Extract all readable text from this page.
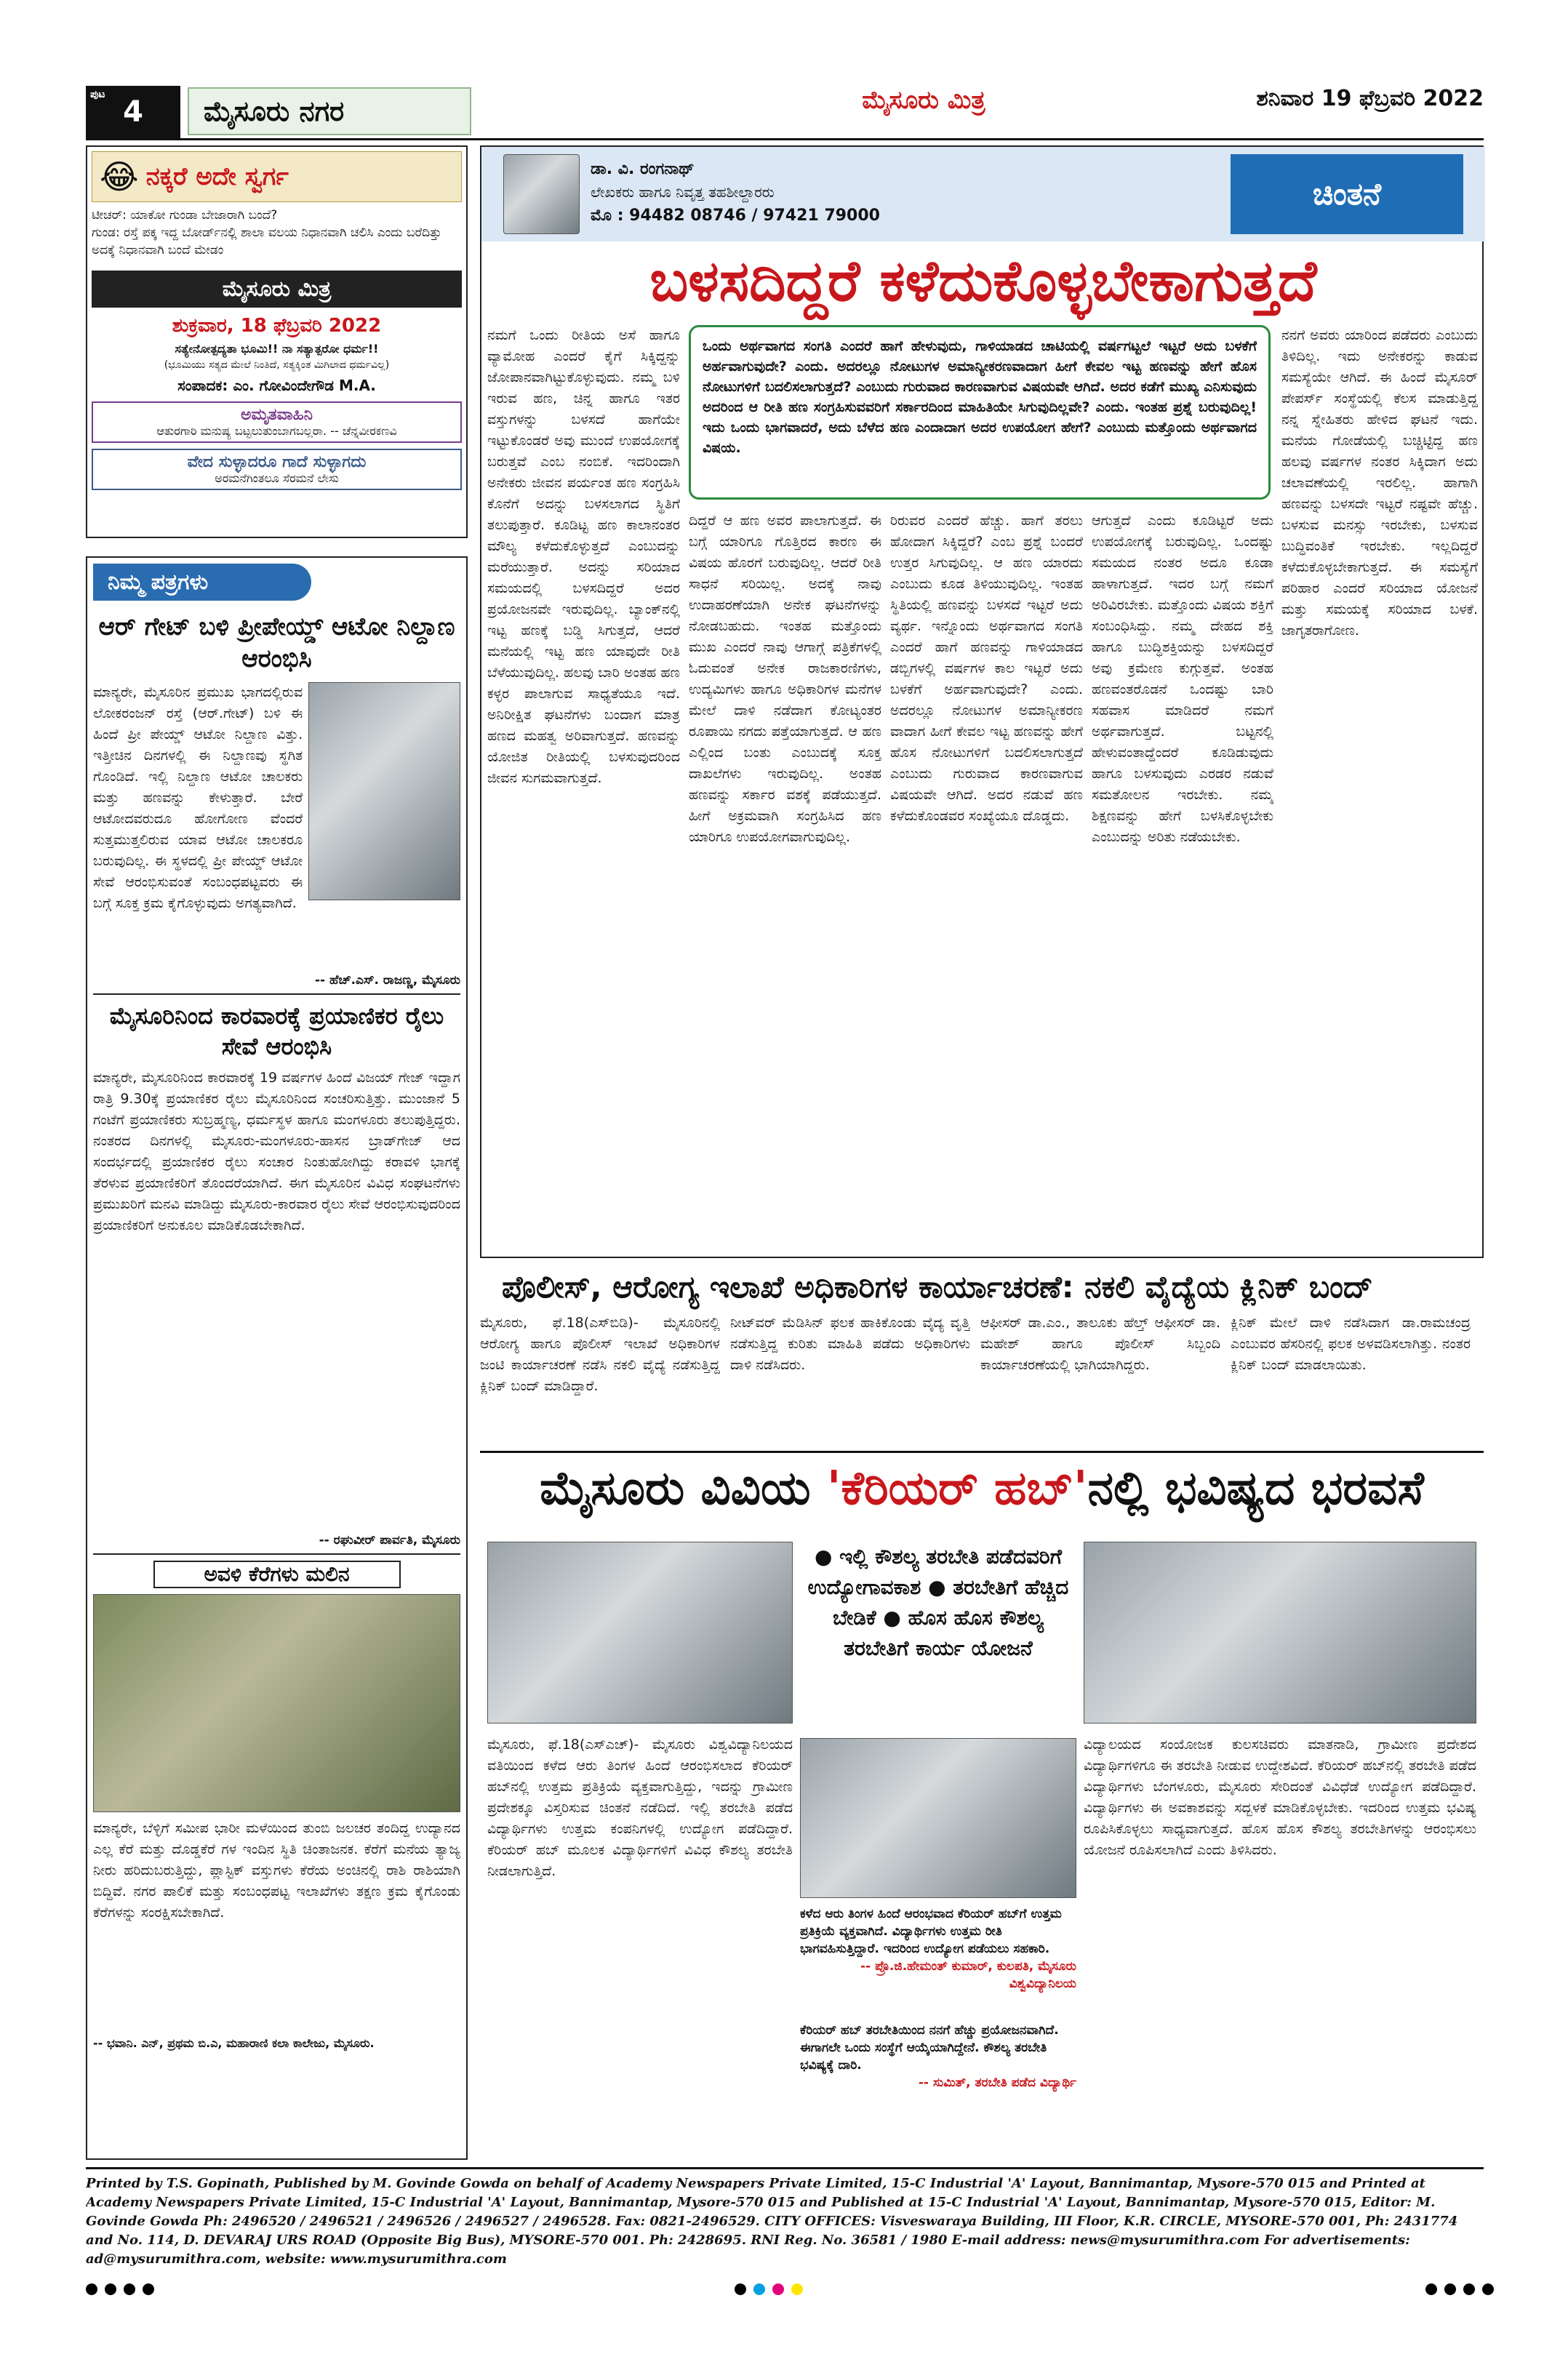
ಪುಟ
4	ಮೈಸೂರು ನಗರ	ಮೈಸೂರು ಮಿತ್ರ	ಶನಿವಾರ 19 ಫೆಬ್ರವರಿ 2022
😂 ನಕ್ಕರೆ ಅದೇ ಸ್ವರ್ಗ
ಟೀಚರ್: ಯಾಕೋ ಗುಂಡಾ ಬೇಜಾರಾಗಿ ಬಂದೆ?
ಗುಂಡ: ರಸ್ತೆ ಪಕ್ಕ ಇದ್ದ ಬೋರ್ಡ್‌ನಲ್ಲಿ ಶಾಲಾ ವಲಯ ನಿಧಾನವಾಗಿ ಚಲಿಸಿ ಎಂದು ಬರೆದಿತ್ತು ಅದಕ್ಕೆ ನಿಧಾನವಾಗಿ ಬಂದೆ ಮೇಡಂ
ಮೈಸೂರು ಮಿತ್ರ
ಶುಕ್ರವಾರ, 18 ಫೆಬ್ರವರಿ 2022
ಸತ್ಯೇನೋತ್ಪದ್ಯತಾ ಭೂಮಿ!! ನಾ ಸತ್ಯಾತ್ಪರೋ ಧರ್ಮ!!
(ಭೂಮಿಯು ಸತ್ಯದ ಮೇಲೆ ನಿಂತಿದೆ, ಸತ್ಯಕ್ಕಿಂತ ಮಿಗಿಲಾದ ಧರ್ಮವಿಲ್ಲ)
ಸಂಪಾದಕ: ಎಂ. ಗೋವಿಂದೇಗೌಡ M.A.
ಅಮೃತವಾಹಿನಿ
ಆತುರಗಾರಿ ಮನುಷ್ಯ ಬಟ್ಟಲುತುಂಬಾಗಬಲ್ಲರಾ. -- ಚೆನ್ನವೀರಕಣವಿ
ವೇದ ಸುಳ್ಳಾದರೂ ಗಾದೆ ಸುಳ್ಳಾಗದು
ಅರಮನೆಗಿಂತಲೂ ಸೆರಮನೆ ಲೇಸು
ನಿಮ್ಮ ಪತ್ರಗಳು
ಆರ್ ಗೇಟ್ ಬಳಿ ಪ್ರೀಪೇಯ್ಡ್ ಆಟೋ ನಿಲ್ದಾಣ ಆರಂಭಿಸಿ
ಮಾನ್ಯರೇ, ಮೈಸೂರಿನ ಪ್ರಮುಖ ಭಾಗದಲ್ಲಿರುವ ಲೋಕರಂಜನ್ ರಸ್ತೆ (ಆರ್.ಗೇಟ್) ಬಳಿ ಈ ಹಿಂದೆ ಪ್ರೀ ಪೇಯ್ಡ್ ಆಟೋ ನಿಲ್ದಾಣ ವಿತ್ತು. ಇತ್ತೀಚಿನ ದಿನಗಳಲ್ಲಿ ಈ ನಿಲ್ದಾಣವು ಸ್ಥಗಿತ ಗೊಂಡಿದೆ. ಇಲ್ಲಿ ನಿಲ್ದಾಣ ಆಟೋ ಚಾಲಕರು ಮತ್ತು ಹಣವನ್ನು ಕೇಳುತ್ತಾರೆ. ಬೇರೆ ಆಟೋದವರುದೂ ಹೋಗೋಣ ವೆಂದರೆ ಸುತ್ತಮುತ್ತಲಿರುವ ಯಾವ ಆಟೋ ಚಾಲಕರೂ ಬರುವುದಿಲ್ಲ. ಈ ಸ್ಥಳದಲ್ಲಿ ಪ್ರೀ ಪೇಯ್ಡ್ ಆಟೋ ಸೇವೆ ಆರಂಭಿಸುವಂತೆ ಸಂಬಂಧಪಟ್ಟವರು ಈ ಬಗ್ಗೆ ಸೂಕ್ತ ಕ್ರಮ ಕೈಗೊಳ್ಳುವುದು ಅಗತ್ಯವಾಗಿದೆ.
-- ಹೆಚ್.ಎಸ್. ರಾಜಣ್ಣ, ಮೈಸೂರು
ಮೈಸೂರಿನಿಂದ ಕಾರವಾರಕ್ಕೆ ಪ್ರಯಾಣಿಕರ ರೈಲು ಸೇವೆ ಆರಂಭಿಸಿ
ಮಾನ್ಯರೇ, ಮೈಸೂರಿನಿಂದ ಕಾರವಾರಕ್ಕೆ 19 ವರ್ಷಗಳ ಹಿಂದೆ ವಿಜಯ್ ಗೇಜ್ ಇದ್ದಾಗ ರಾತ್ರಿ 9.30ಕ್ಕೆ ಪ್ರಯಾಣಿಕರ ರೈಲು ಮೈಸೂರಿನಿಂದ ಸಂಚರಿಸುತ್ತಿತ್ತು. ಮುಂಜಾನೆ 5 ಗಂಟೆಗೆ ಪ್ರಯಾಣಿಕರು ಸುಬ್ರಹ್ಮಣ್ಯ, ಧರ್ಮಸ್ಥಳ ಹಾಗೂ ಮಂಗಳೂರು ತಲುಪುತ್ತಿದ್ದರು. ನಂತರದ ದಿನಗಳಲ್ಲಿ ಮೈಸೂರು-ಮಂಗಳೂರು-ಹಾಸನ ಬ್ರಾಡ್‌ಗೇಜ್ ಆದ ಸಂದರ್ಭದಲ್ಲಿ ಪ್ರಯಾಣಿಕರ ರೈಲು ಸಂಚಾರ ನಿಂತುಹೋಗಿದ್ದು ಕರಾವಳಿ ಭಾಗಕ್ಕೆ ತೆರಳುವ ಪ್ರಯಾಣಿಕರಿಗೆ ತೊಂದರೆಯಾಗಿದೆ. ಈಗ ಮೈಸೂರಿನ ವಿವಿಧ ಸಂಘಟನೆಗಳು ಪ್ರಮುಖರಿಗೆ ಮನವಿ ಮಾಡಿದ್ದು ಮೈಸೂರು-ಕಾರವಾರ ರೈಲು ಸೇವೆ ಆರಂಭಿಸುವುದರಿಂದ ಪ್ರಯಾಣಿಕರಿಗೆ ಅನುಕೂಲ ಮಾಡಿಕೊಡಬೇಕಾಗಿದೆ.
-- ರಘುವೀರ್ ಪಾರ್ವತಿ, ಮೈಸೂರು
ಅವಳಿ ಕೆರೆಗಳು ಮಲಿನ
ಮಾನ್ಯರೇ, ಬೆಳ್ಳಿಗೆ ಸಮೀಪ ಭಾರೀ ಮಳೆಯಿಂದ ತುಂಬಿ ಜಲಚರ ತಂದಿದ್ದ ಉದ್ಯಾನದ ಎಲ್ಲ ಕೆರೆ ಮತ್ತು ದೊಡ್ಡಕೆರೆ ಗಳ ಇಂದಿನ ಸ್ಥಿತಿ ಚಿಂತಾಜನಕ. ಕೆರೆಗೆ ಮನೆಯ ತ್ಯಾಜ್ಯ ನೀರು ಹರಿದುಬರುತ್ತಿದ್ದು, ಪ್ಲಾಸ್ಟಿಕ್ ವಸ್ತುಗಳು ಕೆರೆಯ ಅಂಚಿನಲ್ಲಿ ರಾಶಿ ರಾಶಿಯಾಗಿ ಬಿದ್ದಿವೆ. ನಗರ ಪಾಲಿಕೆ ಮತ್ತು ಸಂಬಂಧಪಟ್ಟ ಇಲಾಖೆಗಳು ತಕ್ಷಣ ಕ್ರಮ ಕೈಗೊಂಡು ಕೆರೆಗಳನ್ನು ಸಂರಕ್ಷಿಸಬೇಕಾಗಿದೆ.
-- ಭವಾನಿ. ಎನ್, ಪ್ರಥಮ ಬಿ.ಎ, ಮಹಾರಾಣಿ ಕಲಾ ಕಾಲೇಜು, ಮೈಸೂರು.
ಡಾ. ವಿ. ರಂಗನಾಥ್
ಲೇಖಕರು ಹಾಗೂ ನಿವೃತ್ತ ತಹಶೀಲ್ದಾರರು
ಮೊ : 94482 08746 / 97421 79000
ಚಿಂತನೆ
ಬಳಸದಿದ್ದರೆ ಕಳೆದುಕೊಳ್ಳಬೇಕಾಗುತ್ತದೆ
ಒಂದು ಅರ್ಥವಾಗದ ಸಂಗತಿ ಎಂದರೆ ಹಾಗೆ ಹೇಳುವುದು, ಗಾಳಿಯಾಡದ ಚಾಟಿಯಲ್ಲಿ ವರ್ಷಗಟ್ಟಲೆ ಇಟ್ಟರೆ ಅದು ಬಳಕೆಗೆ ಅರ್ಹವಾಗುವುದೇ? ಎಂದು. ಅದರಲ್ಲೂ ನೋಟುಗಳ ಅಮಾನ್ಯೀಕರಣವಾದಾಗ ಹೀಗೆ ಕೇವಲ ಇಟ್ಟ ಹಣವನ್ನು ಹೇಗೆ ಹೊಸ ನೋಟುಗಳಿಗೆ ಬದಲಿಸಲಾಗುತ್ತದೆ? ಎಂಬುದು ಗುರುವಾದ ಕಾರಣವಾಗುವ ವಿಷಯವೇ ಆಗಿದೆ. ಅದರ ಕಡೆಗೆ ಮುಖ್ಯ ಎನಿಸುವುದು ಅದರಿಂದ ಆ ರೀತಿ ಹಣ ಸಂಗ್ರಹಿಸುವವರಿಗೆ ಸರ್ಕಾರದಿಂದ ಮಾಹಿತಿಯೇ ಸಿಗುವುದಿಲ್ಲವೇ? ಎಂದು. ಇಂತಹ ಪ್ರಶ್ನೆ ಬರುವುದಿಲ್ಲ! ಇದು ಒಂದು ಭಾಗವಾದರೆ, ಅದು ಬೆಳೆದ ಹಣ ಎಂದಾದಾಗ ಅದರ ಉಪಯೋಗ ಹೇಗೆ? ಎಂಬುದು ಮತ್ತೊಂದು ಅರ್ಥವಾಗದ ವಿಷಯ.
ನಮಗೆ ಒಂದು ರೀತಿಯ ಅಸೆ ಹಾಗೂ ವ್ಯಾಮೋಹ ಎಂದರೆ ಕೈಗೆ ಸಿಕ್ಕಿದ್ದನ್ನು ಜೋಪಾನವಾಗಿಟ್ಟುಕೊಳ್ಳುವುದು. ನಮ್ಮ ಬಳಿ ಇರುವ ಹಣ, ಚಿನ್ನ ಹಾಗೂ ಇತರ ವಸ್ತುಗಳನ್ನು ಬಳಸದೆ ಹಾಗೆಯೇ ಇಟ್ಟುಕೊಂಡರೆ ಅವು ಮುಂದೆ ಉಪಯೋಗಕ್ಕೆ ಬರುತ್ತವೆ ಎಂಬ ನಂಬಿಕೆ. ಇದರಿಂದಾಗಿ ಅನೇಕರು ಜೀವನ ಪರ್ಯಂತ ಹಣ ಸಂಗ್ರಹಿಸಿ ಕೊನೆಗೆ ಅದನ್ನು ಬಳಸಲಾಗದ ಸ್ಥಿತಿಗೆ ತಲುಪುತ್ತಾರೆ. ಕೂಡಿಟ್ಟ ಹಣ ಕಾಲಾನಂತರ ಮೌಲ್ಯ ಕಳೆದುಕೊಳ್ಳುತ್ತದೆ ಎಂಬುದನ್ನು ಮರೆಯುತ್ತಾರೆ. ಅದನ್ನು ಸರಿಯಾದ ಸಮಯದಲ್ಲಿ ಬಳಸದಿದ್ದರೆ ಅದರ ಪ್ರಯೋಜನವೇ ಇರುವುದಿಲ್ಲ. ಬ್ಯಾಂಕ್‌ನಲ್ಲಿ ಇಟ್ಟ ಹಣಕ್ಕೆ ಬಡ್ಡಿ ಸಿಗುತ್ತದೆ, ಆದರೆ ಮನೆಯಲ್ಲಿ ಇಟ್ಟ ಹಣ ಯಾವುದೇ ರೀತಿ ಬೆಳೆಯುವುದಿಲ್ಲ. ಹಲವು ಬಾರಿ ಅಂತಹ ಹಣ ಕಳ್ಳರ ಪಾಲಾಗುವ ಸಾಧ್ಯತೆಯೂ ಇದೆ. ಅನಿರೀಕ್ಷಿತ ಘಟನೆಗಳು ಬಂದಾಗ ಮಾತ್ರ ಹಣದ ಮಹತ್ವ ಅರಿವಾಗುತ್ತದೆ. ಹಣವನ್ನು ಯೋಜಿತ ರೀತಿಯಲ್ಲಿ ಬಳಸುವುದರಿಂದ ಜೀವನ ಸುಗಮವಾಗುತ್ತದೆ.
ದಿದ್ದರೆ ಆ ಹಣ ಅವರ ಪಾಲಾಗುತ್ತದೆ. ಈ ಬಗ್ಗೆ ಯಾರಿಗೂ ಗೊತ್ತಿರದ ಕಾರಣ ಈ ವಿಷಯ ಹೊರಗೆ ಬರುವುದಿಲ್ಲ. ಆದರೆ ರೀತಿ ಸಾಧನೆ ಸರಿಯಿಲ್ಲ. ಅದಕ್ಕೆ ನಾವು ಉದಾಹರಣೆಯಾಗಿ ಅನೇಕ ಘಟನೆಗಳನ್ನು ನೋಡಬಹುದು. ಇಂತಹ ಮತ್ತೊಂದು ಮುಖ ಎಂದರೆ ನಾವು ಆಗಾಗ್ಗೆ ಪತ್ರಿಕೆಗಳಲ್ಲಿ ಓದುವಂತೆ ಅನೇಕ ರಾಜಕಾರಣಿಗಳು, ಉದ್ಯಮಿಗಳು ಹಾಗೂ ಅಧಿಕಾರಿಗಳ ಮನೆಗಳ ಮೇಲೆ ದಾಳಿ ನಡೆದಾಗ ಕೋಟ್ಯಂತರ ರೂಪಾಯಿ ನಗದು ಪತ್ತೆಯಾಗುತ್ತದೆ. ಆ ಹಣ ಎಲ್ಲಿಂದ ಬಂತು ಎಂಬುದಕ್ಕೆ ಸೂಕ್ತ ದಾಖಲೆಗಳು ಇರುವುದಿಲ್ಲ. ಅಂತಹ ಹಣವನ್ನು ಸರ್ಕಾರ ವಶಕ್ಕೆ ಪಡೆಯುತ್ತದೆ. ಹೀಗೆ ಅಕ್ರಮವಾಗಿ ಸಂಗ್ರಹಿಸಿದ ಹಣ ಯಾರಿಗೂ ಉಪಯೋಗವಾಗುವುದಿಲ್ಲ.
ರಿರುವರ ಎಂದರೆ ಹೆಚ್ಚು. ಹಾಗೆ ತರಲು ಹೋದಾಗ ಸಿಕ್ಕಿದ್ದರೆ? ಎಂಬ ಪ್ರಶ್ನೆ ಬಂದರೆ ಉತ್ತರ ಸಿಗುವುದಿಲ್ಲ. ಆ ಹಣ ಯಾರದು ಎಂಬುದು ಕೂಡ ತಿಳಿಯುವುದಿಲ್ಲ. ಇಂತಹ ಸ್ಥಿತಿಯಲ್ಲಿ ಹಣವನ್ನು ಬಳಸದೆ ಇಟ್ಟರೆ ಅದು ವ್ಯರ್ಥ. ಇನ್ನೊಂದು ಅರ್ಥವಾಗದ ಸಂಗತಿ ಎಂದರೆ ಹಾಗೆ ಹಣವನ್ನು ಗಾಳಿಯಾಡದ ಡಬ್ಬಿಗಳಲ್ಲಿ ವರ್ಷಗಳ ಕಾಲ ಇಟ್ಟರೆ ಅದು ಬಳಕೆಗೆ ಅರ್ಹವಾಗುವುದೇ? ಎಂದು. ಅದರಲ್ಲೂ ನೋಟುಗಳ ಅಮಾನ್ಯೀಕರಣ ವಾದಾಗ ಹೀಗೆ ಕೇವಲ ಇಟ್ಟ ಹಣವನ್ನು ಹೇಗೆ ಹೊಸ ನೋಟುಗಳಿಗೆ ಬದಲಿಸಲಾಗುತ್ತದೆ ಎಂಬುದು ಗುರುವಾದ ಕಾರಣವಾಗುವ ವಿಷಯವೇ ಆಗಿದೆ. ಅದರ ನಡುವೆ ಹಣ ಕಳೆದುಕೊಂಡವರ ಸಂಖ್ಯೆಯೂ ದೊಡ್ಡದು.
ಆಗುತ್ತದೆ ಎಂದು ಕೂಡಿಟ್ಟರೆ ಅದು ಉಪಯೋಗಕ್ಕೆ ಬರುವುದಿಲ್ಲ. ಒಂದಷ್ಟು ಸಮಯದ ನಂತರ ಅದೂ ಕೂಡಾ ಹಾಳಾಗುತ್ತದೆ. ಇದರ ಬಗ್ಗೆ ನಮಗೆ ಅರಿವಿರಬೇಕು. ಮತ್ತೊಂದು ವಿಷಯ ಶಕ್ತಿಗೆ ಸಂಬಂಧಿಸಿದ್ದು. ನಮ್ಮ ದೇಹದ ಶಕ್ತಿ ಹಾಗೂ ಬುದ್ಧಿಶಕ್ತಿಯನ್ನು ಬಳಸದಿದ್ದರೆ ಅವು ಕ್ರಮೇಣ ಕುಗ್ಗುತ್ತವೆ. ಅಂತಹ ಹಣವಂತರೊಡನೆ ಒಂದಷ್ಟು ಬಾರಿ ಸಹವಾಸ ಮಾಡಿದರೆ ನಮಗೆ ಅರ್ಥವಾಗುತ್ತದೆ. ಬಟ್ಟನಲ್ಲಿ ಹೇಳುವಂತಾದ್ದೆಂದರೆ ಕೂಡಿಡುವುದು ಹಾಗೂ ಬಳಸುವುದು ಎರಡರ ನಡುವೆ ಸಮತೋಲನ ಇರಬೇಕು. ನಮ್ಮ ಶಿಕ್ಷಣವನ್ನು ಹೇಗೆ ಬಳಸಿಕೊಳ್ಳಬೇಕು ಎಂಬುದನ್ನು ಅರಿತು ನಡೆಯಬೇಕು.
ನನಗೆ ಅವರು ಯಾರಿಂದ ಪಡೆದರು ಎಂಬುದು ತಿಳಿದಿಲ್ಲ. ಇದು ಅನೇಕರನ್ನು ಕಾಡುವ ಸಮಸ್ಯೆಯೇ ಆಗಿದೆ. ಈ ಹಿಂದೆ ಮೈಸೂರ್ ಪೇಪರ್ಸ್ ಸಂಸ್ಥೆಯಲ್ಲಿ ಕೆಲಸ ಮಾಡುತ್ತಿದ್ದ ನನ್ನ ಸ್ನೇಹಿತರು ಹೇಳಿದ ಘಟನೆ ಇದು. ಮನೆಯ ಗೋಡೆಯಲ್ಲಿ ಬಚ್ಚಿಟ್ಟಿದ್ದ ಹಣ ಹಲವು ವರ್ಷಗಳ ನಂತರ ಸಿಕ್ಕಿದಾಗ ಅದು ಚಲಾವಣೆಯಲ್ಲಿ ಇರಲಿಲ್ಲ. ಹಾಗಾಗಿ ಹಣವನ್ನು ಬಳಸದೇ ಇಟ್ಟರೆ ನಷ್ಟವೇ ಹೆಚ್ಚು. ಬಳಸುವ ಮನಸ್ಸು ಇರಬೇಕು, ಬಳಸುವ ಬುದ್ಧಿವಂತಿಕೆ ಇರಬೇಕು. ಇಲ್ಲದಿದ್ದರೆ ಕಳೆದುಕೊಳ್ಳಬೇಕಾಗುತ್ತದೆ. ಈ ಸಮಸ್ಯೆಗೆ ಪರಿಹಾರ ಎಂದರೆ ಸರಿಯಾದ ಯೋಜನೆ ಮತ್ತು ಸಮಯಕ್ಕೆ ಸರಿಯಾದ ಬಳಕೆ. ಜಾಗೃತರಾಗೋಣ.
ಪೊಲೀಸ್, ಆರೋಗ್ಯ ಇಲಾಖೆ ಅಧಿಕಾರಿಗಳ ಕಾರ್ಯಾಚರಣೆ: ನಕಲಿ ವೈದ್ಯೆಯ ಕ್ಲಿನಿಕ್ ಬಂದ್
ಮೈಸೂರು, ಫೆ.18(ಎಸ್‌ಬಿಡಿ)- ಮೈಸೂರಿನಲ್ಲಿ ಆರೋಗ್ಯ ಹಾಗೂ ಪೊಲೀಸ್ ಇಲಾಖೆ ಅಧಿಕಾರಿಗಳ ಜಂಟಿ ಕಾರ್ಯಾಚರಣೆ ನಡೆಸಿ ನಕಲಿ ವೈದ್ಯೆ ನಡೆಸುತ್ತಿದ್ದ ಕ್ಲಿನಿಕ್ ಬಂದ್ ಮಾಡಿದ್ದಾರೆ.
ನೀಟ್‌ವರ್ ಮೆಡಿಸಿನ್ ಫಲಕ ಹಾಕಿಕೊಂಡು ವೈದ್ಯ ವೃತ್ತಿ ನಡೆಸುತ್ತಿದ್ದ ಕುರಿತು ಮಾಹಿತಿ ಪಡೆದು ಅಧಿಕಾರಿಗಳು ದಾಳಿ ನಡೆಸಿದರು.
ಆಫೀಸರ್ ಡಾ.ಎಂ., ತಾಲೂಕು ಹೆಲ್ತ್ ಆಫೀಸರ್ ಡಾ. ಮಹೇಶ್ ಹಾಗೂ ಪೊಲೀಸ್ ಸಿಬ್ಬಂದಿ ಕಾರ್ಯಾಚರಣೆಯಲ್ಲಿ ಭಾಗಿಯಾಗಿದ್ದರು.
ಕ್ಲಿನಿಕ್ ಮೇಲೆ ದಾಳಿ ನಡೆಸಿದಾಗ ಡಾ.ರಾಮಚಂದ್ರ ಎಂಬುವರ ಹೆಸರಿನಲ್ಲಿ ಫಲಕ ಅಳವಡಿಸಲಾಗಿತ್ತು. ನಂತರ ಕ್ಲಿನಿಕ್ ಬಂದ್ ಮಾಡಲಾಯಿತು.
ಮೈಸೂರು ವಿವಿಯ 'ಕೆರಿಯರ್ ಹಬ್'ನಲ್ಲಿ ಭವಿಷ್ಯದ ಭರವಸೆ
● ಇಲ್ಲಿ ಕೌಶಲ್ಯ ತರಬೇತಿ ಪಡೆದವರಿಗೆ ಉದ್ಯೋಗಾವಕಾಶ ● ತರಬೇತಿಗೆ ಹೆಚ್ಚಿದ ಬೇಡಿಕೆ ● ಹೊಸ ಹೊಸ ಕೌಶಲ್ಯ ತರಬೇತಿಗೆ ಕಾರ್ಯ ಯೋಜನೆ
ಮೈಸೂರು, ಫೆ.18(ಎಸ್‌ಎಚ್)- ಮೈಸೂರು ವಿಶ್ವವಿದ್ಯಾನಿಲಯದ ವತಿಯಿಂದ ಕಳೆದ ಆರು ತಿಂಗಳ ಹಿಂದೆ ಆರಂಭಿಸಲಾದ ಕೆರಿಯರ್ ಹಬ್‌ನಲ್ಲಿ ಉತ್ತಮ ಪ್ರತಿಕ್ರಿಯೆ ವ್ಯಕ್ತವಾಗುತ್ತಿದ್ದು, ಇದನ್ನು ಗ್ರಾಮೀಣ ಪ್ರದೇಶಕ್ಕೂ ವಿಸ್ತರಿಸುವ ಚಿಂತನೆ ನಡೆದಿದೆ. ಇಲ್ಲಿ ತರಬೇತಿ ಪಡೆದ ವಿದ್ಯಾರ್ಥಿಗಳು ಉತ್ತಮ ಕಂಪನಿಗಳಲ್ಲಿ ಉದ್ಯೋಗ ಪಡೆದಿದ್ದಾರೆ. ಕೆರಿಯರ್ ಹಬ್ ಮೂಲಕ ವಿದ್ಯಾರ್ಥಿಗಳಿಗೆ ವಿವಿಧ ಕೌಶಲ್ಯ ತರಬೇತಿ ನೀಡಲಾಗುತ್ತಿದೆ.
ಕಳೆದ ಆರು ತಿಂಗಳ ಹಿಂದೆ ಆರಂಭವಾದ ಕೆರಿಯರ್ ಹಬ್‌ಗೆ ಉತ್ತಮ ಪ್ರತಿಕ್ರಿಯೆ ವ್ಯಕ್ತವಾಗಿದೆ. ವಿದ್ಯಾರ್ಥಿಗಳು ಉತ್ತಮ ರೀತಿ ಭಾಗವಹಿಸುತ್ತಿದ್ದಾರೆ. ಇದರಿಂದ ಉದ್ಯೋಗ ಪಡೆಯಲು ಸಹಕಾರಿ.
-- ಪ್ರೊ.ಜಿ.ಹೇಮಂತ್ ಕುಮಾರ್, ಕುಲಪತಿ, ಮೈಸೂರು ವಿಶ್ವವಿದ್ಯಾನಿಲಯ
ಕೆರಿಯರ್ ಹಬ್ ತರಬೇತಿಯಿಂದ ನನಗೆ ಹೆಚ್ಚು ಪ್ರಯೋಜನವಾಗಿದೆ. ಈಗಾಗಲೇ ಒಂದು ಸಂಸ್ಥೆಗೆ ಆಯ್ಕೆಯಾಗಿದ್ದೇನೆ. ಕೌಶಲ್ಯ ತರಬೇತಿ ಭವಿಷ್ಯಕ್ಕೆ ದಾರಿ.
-- ಸುಮಿತ್, ತರಬೇತಿ ಪಡೆದ ವಿದ್ಯಾರ್ಥಿ
ವಿದ್ಯಾಲಯದ ಸಂಯೋಜಕ ಕುಲಸಚಿವರು ಮಾತನಾಡಿ, ಗ್ರಾಮೀಣ ಪ್ರದೇಶದ ವಿದ್ಯಾರ್ಥಿಗಳಿಗೂ ಈ ತರಬೇತಿ ನೀಡುವ ಉದ್ದೇಶವಿದೆ. ಕೆರಿಯರ್ ಹಬ್‌ನಲ್ಲಿ ತರಬೇತಿ ಪಡೆದ ವಿದ್ಯಾರ್ಥಿಗಳು ಬೆಂಗಳೂರು, ಮೈಸೂರು ಸೇರಿದಂತೆ ವಿವಿಧೆಡೆ ಉದ್ಯೋಗ ಪಡೆದಿದ್ದಾರೆ. ವಿದ್ಯಾರ್ಥಿಗಳು ಈ ಅವಕಾಶವನ್ನು ಸದ್ಬಳಕೆ ಮಾಡಿಕೊಳ್ಳಬೇಕು. ಇದರಿಂದ ಉತ್ತಮ ಭವಿಷ್ಯ ರೂಪಿಸಿಕೊಳ್ಳಲು ಸಾಧ್ಯವಾಗುತ್ತದೆ. ಹೊಸ ಹೊಸ ಕೌಶಲ್ಯ ತರಬೇತಿಗಳನ್ನು ಆರಂಭಿಸಲು ಯೋಜನೆ ರೂಪಿಸಲಾಗಿದೆ ಎಂದು ತಿಳಿಸಿದರು.
Printed by T.S. Gopinath, Published by M. Govinde Gowda on behalf of Academy Newspapers Private Limited, 15-C Industrial 'A' Layout, Bannimantap, Mysore-570 015 and Printed at Academy Newspapers Private Limited, 15-C Industrial 'A' Layout, Bannimantap, Mysore-570 015 and Published at 15-C Industrial 'A' Layout, Bannimantap, Mysore-570 015, Editor: M. Govinde Gowda Ph: 2496520 / 2496521 / 2496526 / 2496527 / 2496528. Fax: 0821-2496529. CITY OFFICES: Visveswaraya Building, III Floor, K.R. CIRCLE, MYSORE-570 001, Ph: 2431774 and No. 114, D. DEVARAJ URS ROAD (Opposite Big Bus), MYSORE-570 001. Ph: 2428695. RNI Reg. No. 36581 / 1980 E-mail address: news@mysurumithra.com For advertisements: ad@mysurumithra.com, website: www.mysurumithra.com
